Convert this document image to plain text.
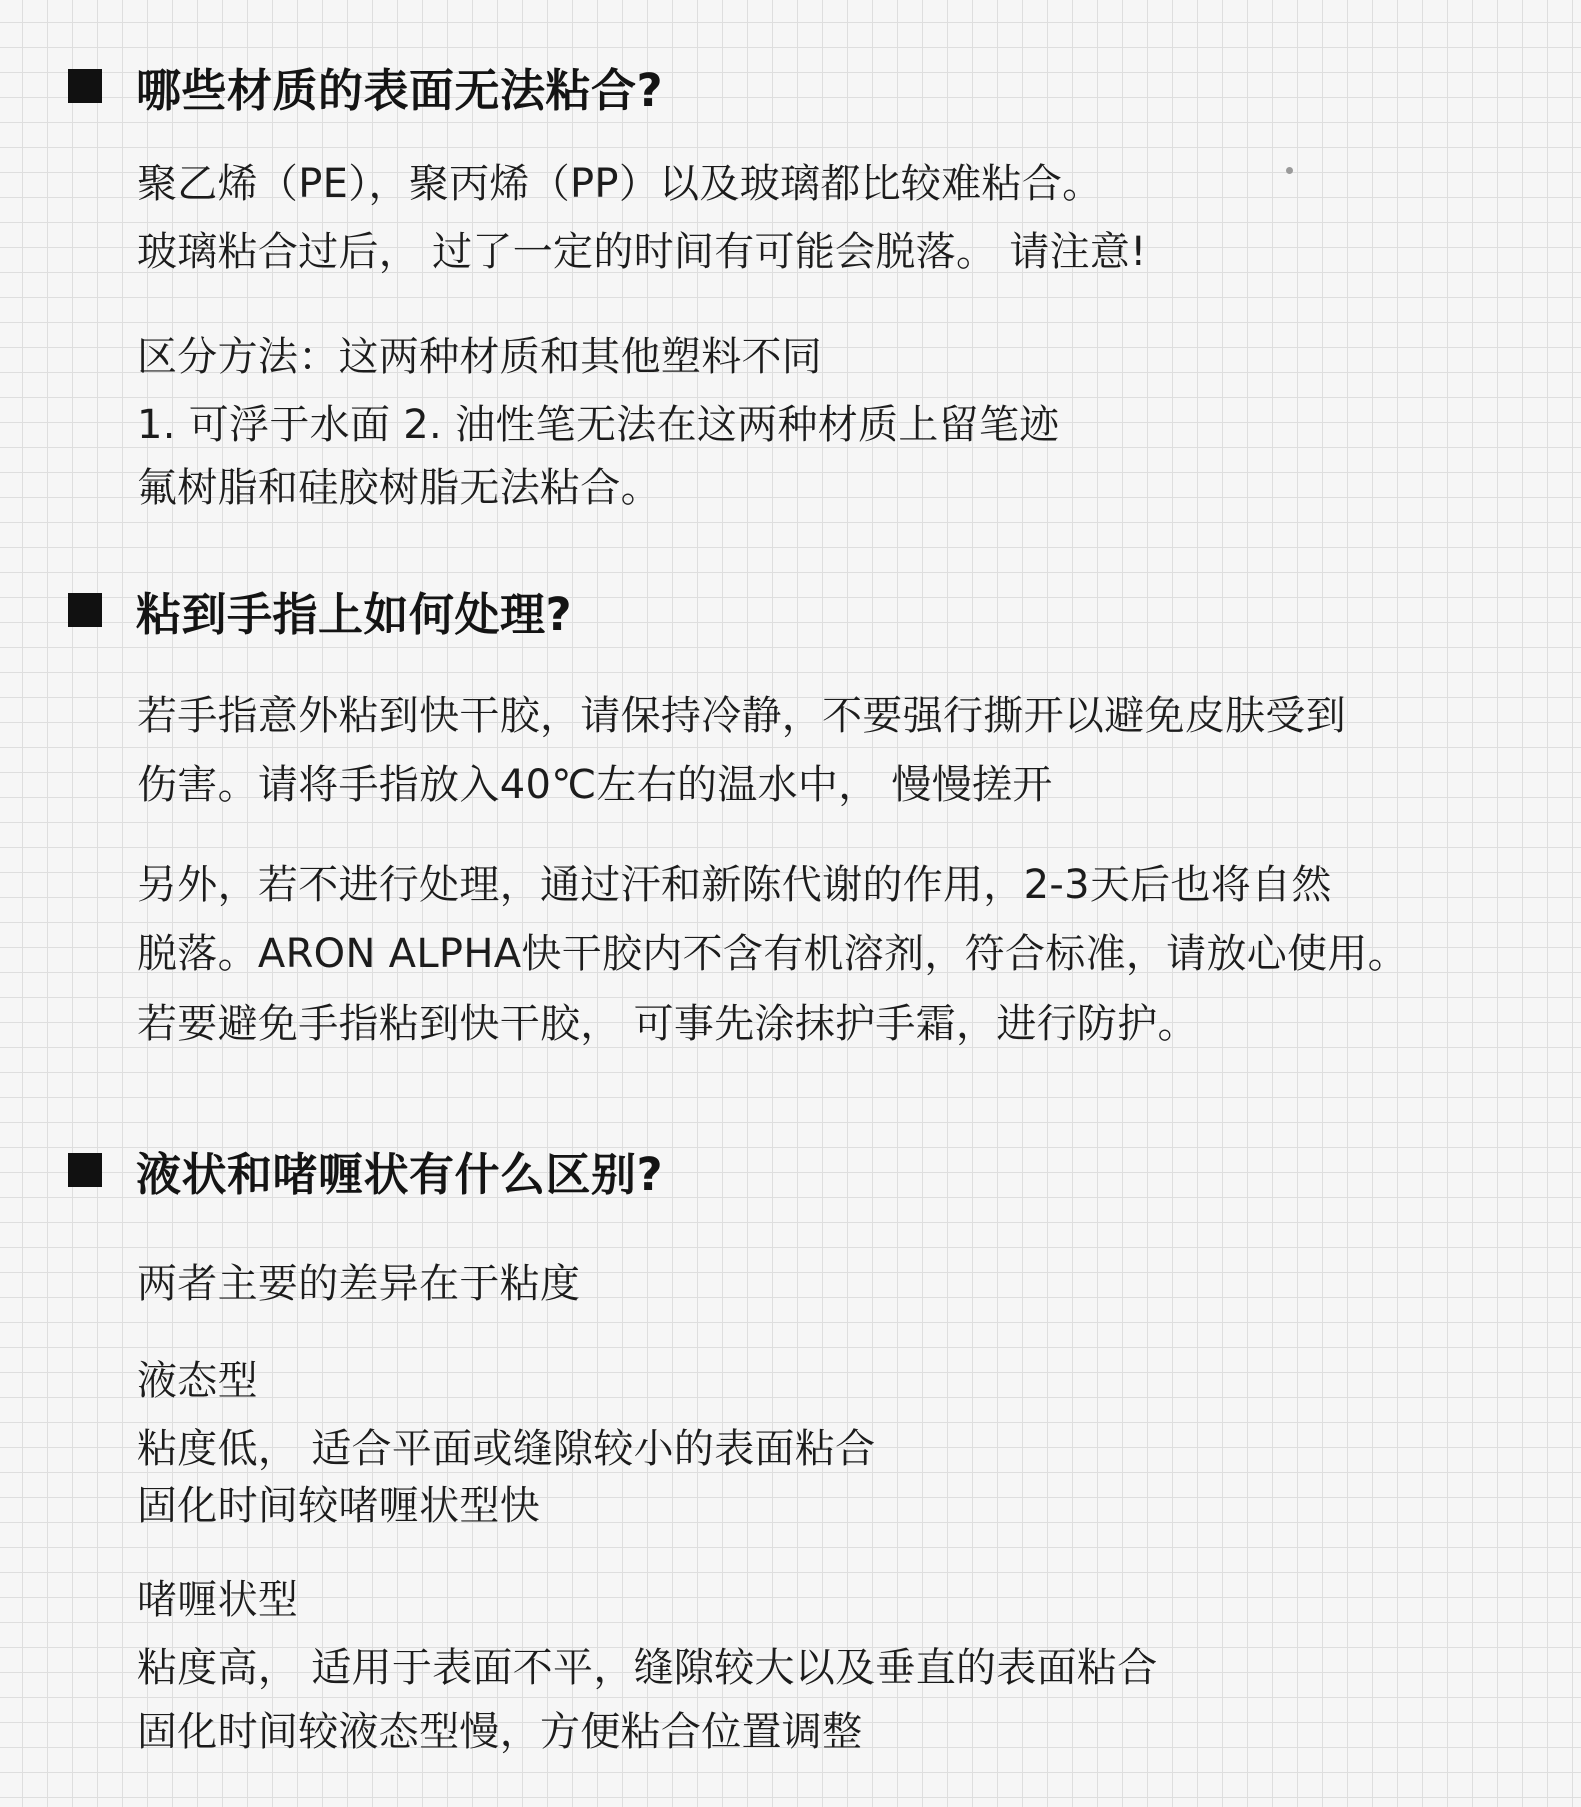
哪些材质的表面无法粘合?
聚乙烯（PE），聚丙烯（PP）以及玻璃都比较难粘合。
玻璃粘合过后， 过了一定的时间有可能会脱落。 请注意!
区分方法：这两种材质和其他塑料不同
1. 可浮于水面 2. 油性笔无法在这两种材质上留笔迹
氟树脂和硅胶树脂无法粘合。
粘到手指上如何处理?
若手指意外粘到快干胶，请保持冷静，不要强行撕开以避免皮肤受到
伤害。请将手指放入40℃左右的温水中， 慢慢搓开
另外，若不进行处理，通过汗和新陈代谢的作用，2-3天后也将自然
脱落。ARON ALPHA快干胶内不含有机溶剂，符合标准，请放心使用。
若要避免手指粘到快干胶， 可事先涂抹护手霜，进行防护。
液状和啫喱状有什么区别?
两者主要的差异在于粘度
液态型
粘度低， 适合平面或缝隙较小的表面粘合
固化时间较啫喱状型快
啫喱状型
粘度高， 适用于表面不平，缝隙较大以及垂直的表面粘合
固化时间较液态型慢，方便粘合位置调整
